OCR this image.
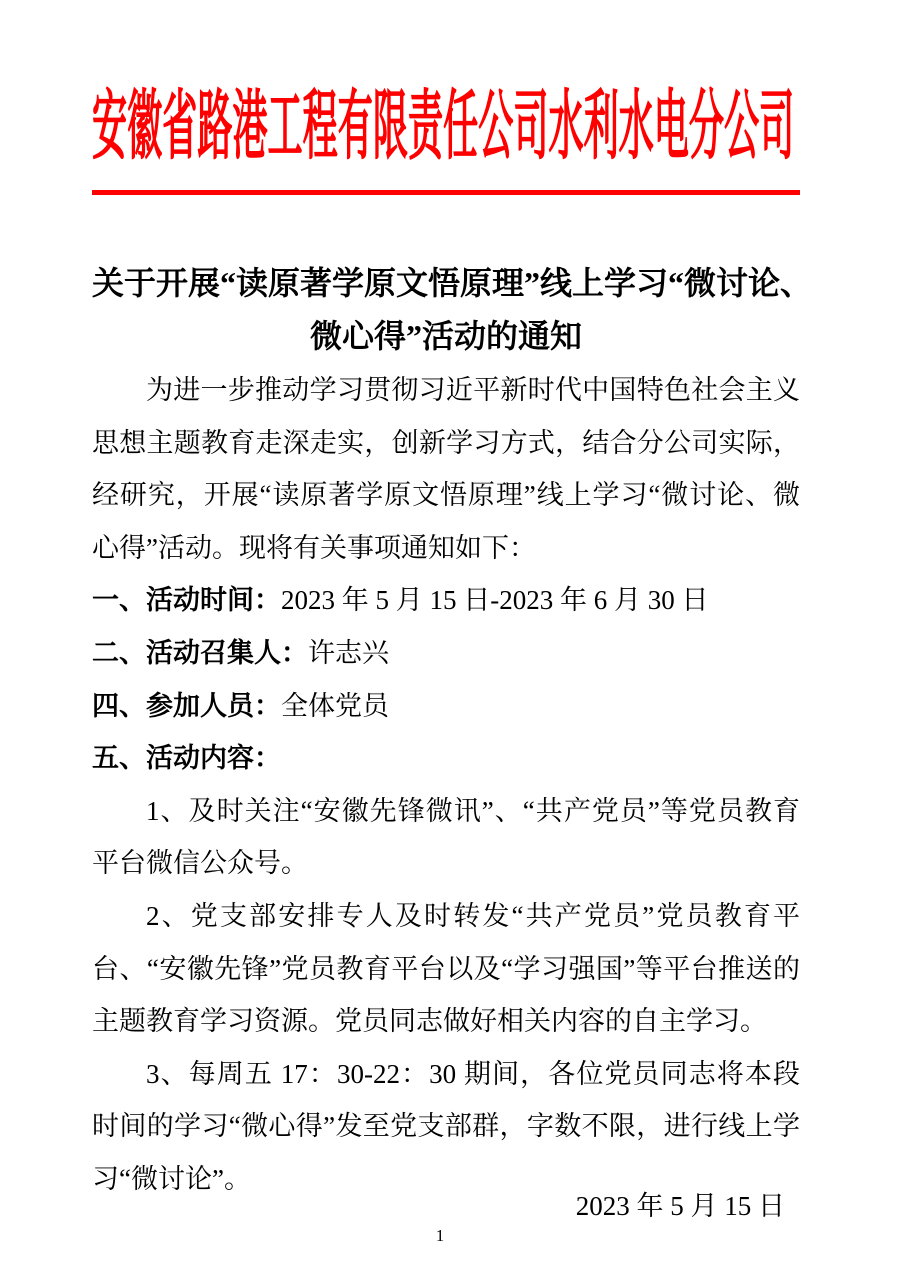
安徽省路港工程有限责任公司水利水电分公司
关于开展“读原著学原文悟原理”线上学习“微讨论、
微心得”活动的通知

为进一步推动学习贯彻习近平新时代中国特色社会主义思想主题教育走深走实，创新学习方式，结合分公司实际，经研究，开展“读原著学原文悟原理”线上学习“微讨论、微心得”活动。现将有关事项通知如下：

一、活动时间：2023 年 5 月 15 日-2023 年 6 月 30 日

二、活动召集人：许志兴

四、参加人员：全体党员

五、活动内容：

1、及时关注“安徽先锋微讯”、“共产党员”等党员教育平台微信公众号。

2、党支部安排专人及时转发“共产党员”党员教育平台、“安徽先锋”党员教育平台以及“学习强国”等平台推送的主题教育学习资源。党员同志做好相关内容的自主学习。

3、每周五 17：30-22：30 期间，各位党员同志将本段时间的学习“微心得”发至党支部群，字数不限，进行线上学习“微讨论”。

2023 年 5 月 15 日
1
